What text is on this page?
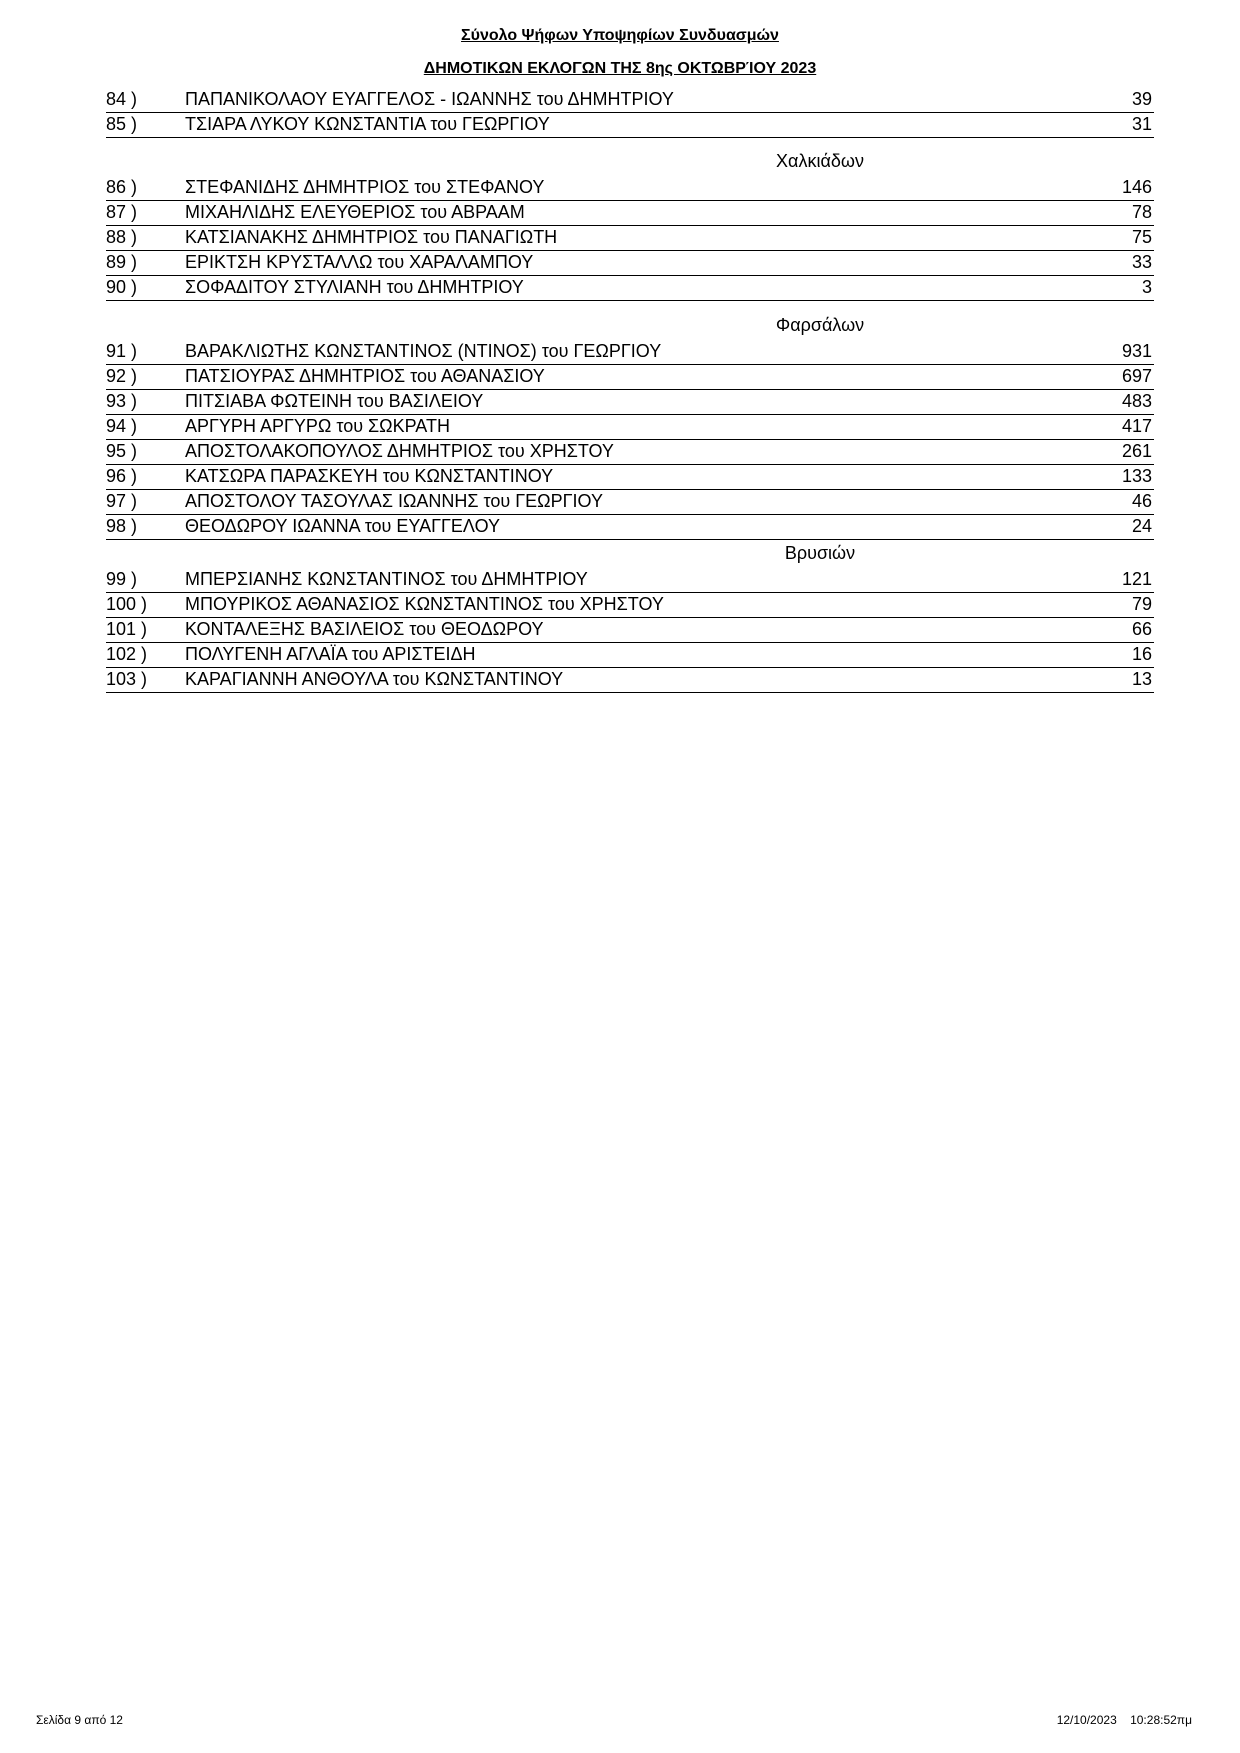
Σύνολο Ψήφων Υποψηφίων Συνδυασμών
ΔΗΜΟΤΙΚΩΝ ΕΚΛΟΓΩΝ ΤΗΣ 8ης ΟΚΤΩΒΡΊΟΥ 2023
84 )	ΠΑΠΑΝΙΚΟΛΑΟΥ ΕΥΑΓΓΕΛΟΣ - ΙΩΑΝΝΗΣ του ΔΗΜΗΤΡΙΟΥ	39
85 )	ΤΣΙΑΡΑ ΛΥΚΟΥ ΚΩΝΣΤΑΝΤΙΑ του ΓΕΩΡΓΙΟΥ	31
Χαλκιάδων
86 )	ΣΤΕΦΑΝΙΔΗΣ ΔΗΜΗΤΡΙΟΣ του ΣΤΕΦΑΝΟΥ	146
87 )	ΜΙΧΑΗΛΙΔΗΣ ΕΛΕΥΘΕΡΙΟΣ του ΑΒΡΑΑΜ	78
88 )	ΚΑΤΣΙΑΝΑΚΗΣ ΔΗΜΗΤΡΙΟΣ του ΠΑΝΑΓΙΩΤΗ	75
89 )	ΕΡΙΚΤΣΗ ΚΡΥΣΤΑΛΛΩ του ΧΑΡΑΛΑΜΠΟΥ	33
90 )	ΣΟΦΑΔΙΤΟΥ ΣΤΥΛΙΑΝΗ του ΔΗΜΗΤΡΙΟΥ	3
Φαρσάλων
91 )	ΒΑΡΑΚΛΙΩΤΗΣ ΚΩΝΣΤΑΝΤΙΝΟΣ (ΝΤΙΝΟΣ) του ΓΕΩΡΓΙΟΥ	931
92 )	ΠΑΤΣΙΟΥΡΑΣ ΔΗΜΗΤΡΙΟΣ του ΑΘΑΝΑΣΙΟΥ	697
93 )	ΠΙΤΣΙΑΒΑ ΦΩΤΕΙΝΗ του ΒΑΣΙΛΕΙΟΥ	483
94 )	ΑΡΓΥΡΗ ΑΡΓΥΡΩ του ΣΩΚΡΑΤΗ	417
95 )	ΑΠΟΣΤΟΛΑΚΟΠΟΥΛΟΣ ΔΗΜΗΤΡΙΟΣ του ΧΡΗΣΤΟΥ	261
96 )	ΚΑΤΣΩΡΑ ΠΑΡΑΣΚΕΥΗ του ΚΩΝΣΤΑΝΤΙΝΟΥ	133
97 )	ΑΠΟΣΤΟΛΟΥ ΤΑΣΟΥΛΑΣ ΙΩΑΝΝΗΣ του ΓΕΩΡΓΙΟΥ	46
98 )	ΘΕΟΔΩΡΟΥ ΙΩΑΝΝΑ του ΕΥΑΓΓΕΛΟΥ	24
Βρυσιών
99 )	ΜΠΕΡΣΙΑΝΗΣ ΚΩΝΣΤΑΝΤΙΝΟΣ του ΔΗΜΗΤΡΙΟΥ	121
100 ) ΜΠΟΥΡΙΚΟΣ ΑΘΑΝΑΣΙΟΣ ΚΩΝΣΤΑΝΤΙΝΟΣ του ΧΡΗΣΤΟΥ	79
101 ) ΚΟΝΤΑΛΕΞΗΣ ΒΑΣΙΛΕΙΟΣ του ΘΕΟΔΩΡΟΥ	66
102 ) ΠΟΛΥΓΕΝΗ ΑΓΛΑΪΑ του ΑΡΙΣΤΕΙΔΗ	16
103 ) ΚΑΡΑΓΙΑΝΝΗ ΑΝΘΟΥΛΑ του ΚΩΝΣΤΑΝΤΙΝΟΥ	13
Σελίδα 9 από 12	12/10/2023    10:28:52πμ
